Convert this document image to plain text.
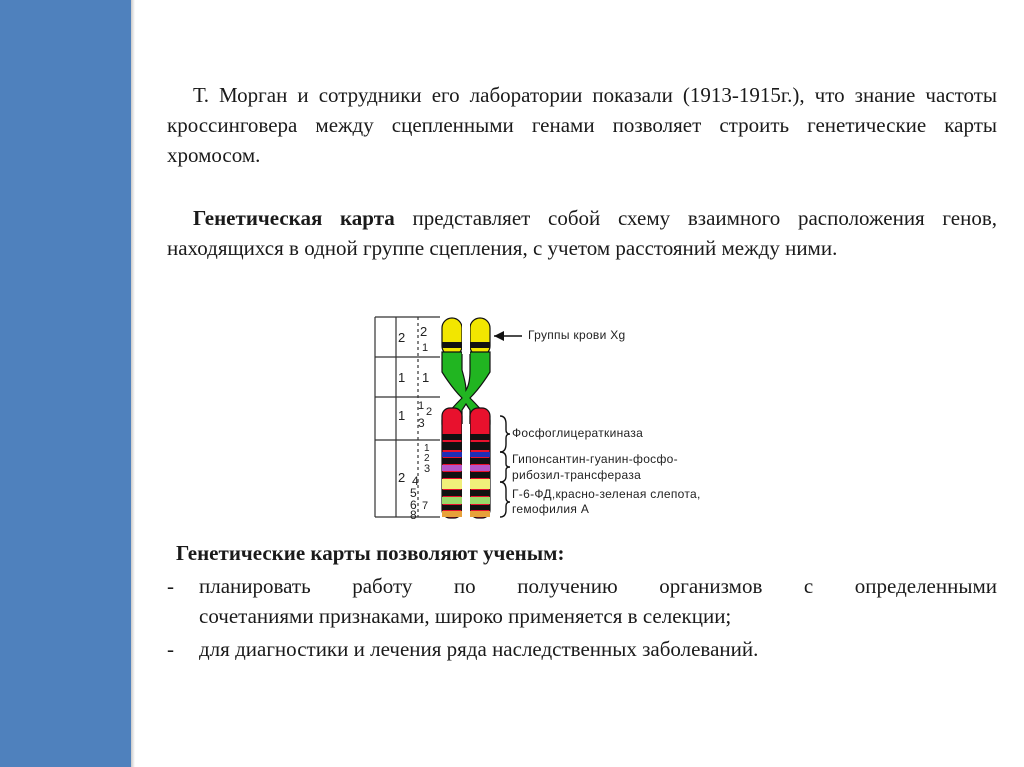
Т. Морган и сотрудники его лаборатории показали (1913-1915г.), что знание частоты кроссинговера между сцепленными генами позволяет строить генетические карты хромосом.

Генетическая карта представляет собой схему взаимного расположения генов, находящихся в одной группе сцепления, с учетом расстояний между ними.

2 2
1
1 1
1
1 2
3
1
2
3
2 4
5
6 7
8
Группы крови Xg
Фосфоглицераткиназа
Гипонсантин-гуанин-фосфо-
рибозил-трансфераза
Г-6-ФД,красно-зеленая слепота,
гемофилия А

Генетические карты позволяют ученым:

- планировать работу по получению организмов с определенными
сочетаниями признаками, широко применяется в селекции;
- для диагностики и лечения ряда наследственных заболеваний.
